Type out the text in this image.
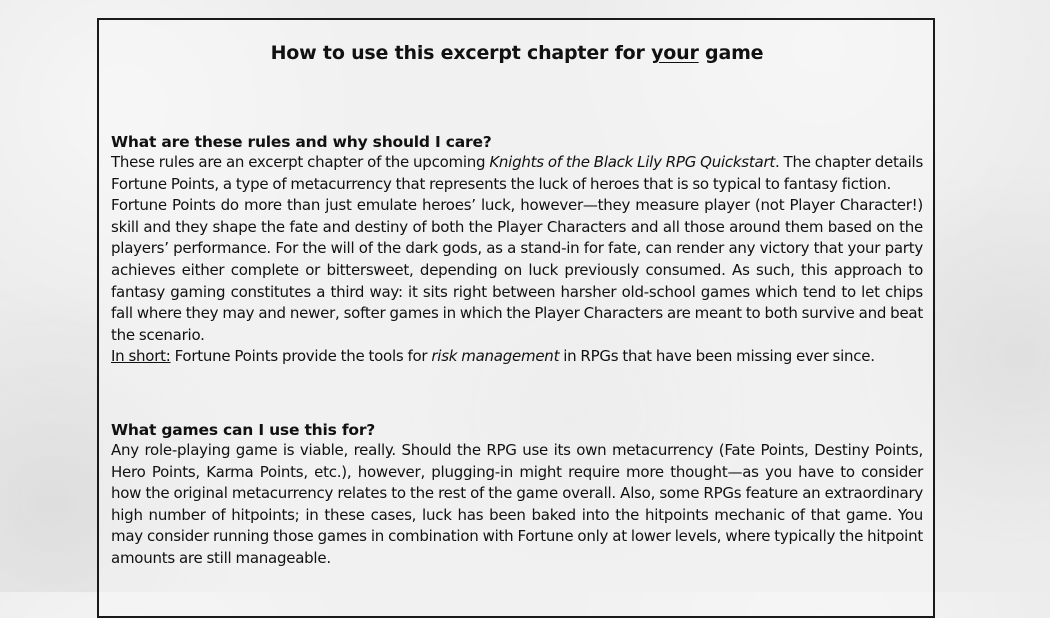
How to use this excerpt chapter for your game
What are these rules and why should I care?

These rules are an excerpt chapter of the upcoming Knights of the Black Lily RPG Quickstart. The chapter details Fortune Points, a type of metacurrency that represents the luck of heroes that is so typical to fantasy fiction.

Fortune Points do more than just emulate heroes’ luck, however—they measure player (not Player Character!) skill and they shape the fate and destiny of both the Player Characters and all those around them based on the players’ performance. For the will of the dark gods, as a stand-in for fate, can render any victory that your party achieves either complete or bittersweet, depending on luck previously consumed. As such, this approach to fantasy gaming constitutes a third way: it sits right between harsher old-school games which tend to let chips fall where they may and newer, softer games in which the Player Characters are meant to both survive and beat the scenario.

In short: Fortune Points provide the tools for risk management in RPGs that have been missing ever since.

What games can I use this for?

Any role-playing game is viable, really. Should the RPG use its own metacurrency (Fate Points, Destiny Points, Hero Points, Karma Points, etc.), however, plugging-in might require more thought—as you have to consider how the original metacurrency relates to the rest of the game overall. Also, some RPGs feature an extraordinary high number of hitpoints; in these cases, luck has been baked into the hitpoints mechanic of that game. You may consider running those games in combination with Fortune only at lower levels, where typically the hitpoint amounts are still manageable.
